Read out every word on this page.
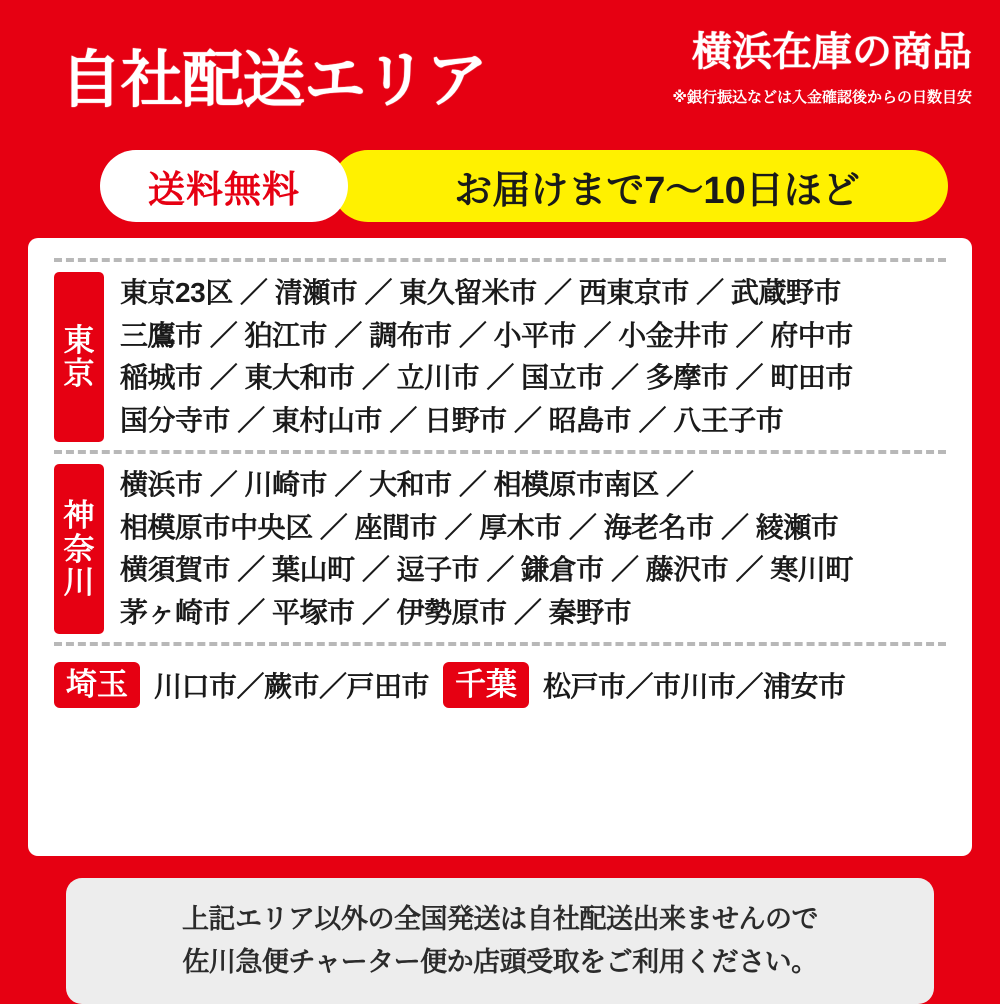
自社配送エリア	横浜在庫の商品
※銀行振込などは入金確認後からの日数目安
お届けまで7〜10日ほど
送料無料
東
京
東京23区 ／ 清瀬市 ／ 東久留米市 ／ 西東京市 ／ 武蔵野市
三鷹市 ／ 狛江市 ／ 調布市 ／ 小平市 ／ 小金井市 ／ 府中市
稲城市 ／ 東大和市 ／ 立川市 ／ 国立市 ／ 多摩市 ／ 町田市
国分寺市 ／ 東村山市 ／ 日野市 ／ 昭島市 ／ 八王子市
神
奈
川
横浜市 ／ 川崎市 ／ 大和市 ／ 相模原市南区 ／
相模原市中央区 ／ 座間市 ／ 厚木市 ／ 海老名市 ／ 綾瀬市
横須賀市 ／ 葉山町 ／ 逗子市 ／ 鎌倉市 ／ 藤沢市 ／ 寒川町
茅ヶ崎市 ／ 平塚市 ／ 伊勢原市 ／ 秦野市
埼玉 川口市／蕨市／戸田市 千葉 松戸市／市川市／浦安市
上記エリア以外の全国発送は自社配送出来ませんので
佐川急便チャーター便か店頭受取をご利用ください。
